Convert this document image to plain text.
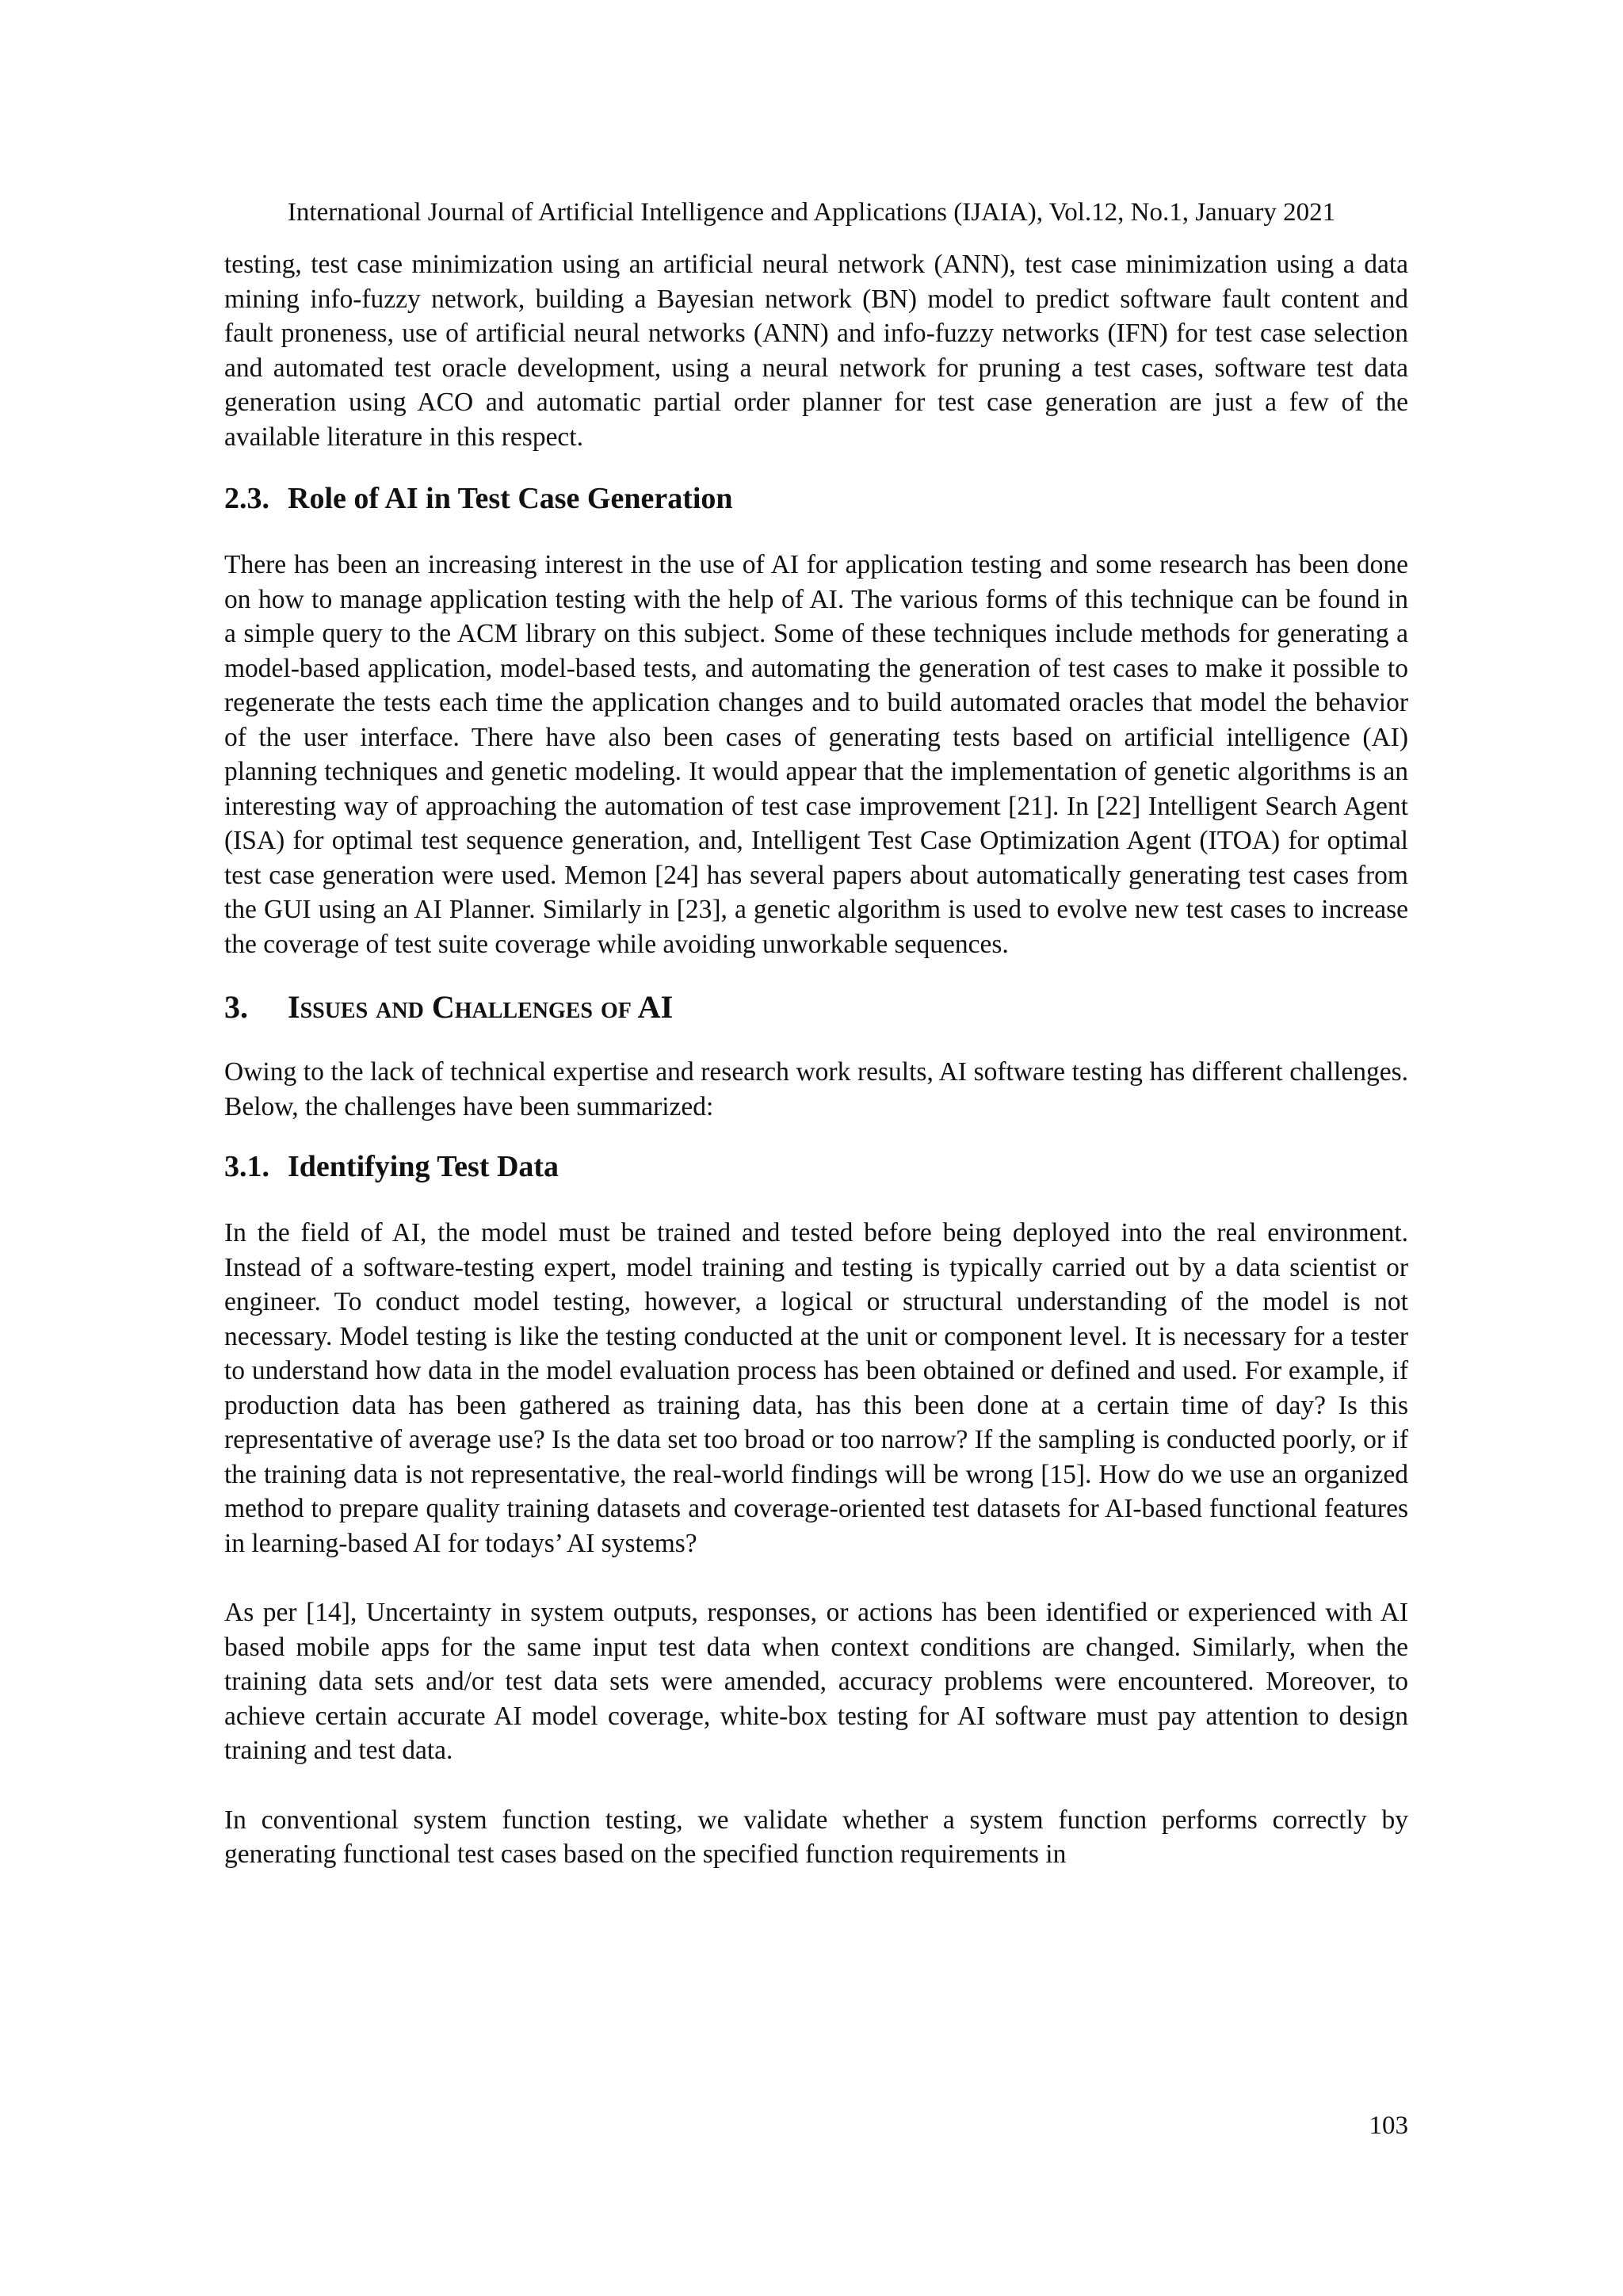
International Journal of Artificial Intelligence and Applications (IJAIA), Vol.12, No.1, January 2021

testing, test case minimization using an artificial neural network (ANN), test case minimization using a data mining info-fuzzy network, building a Bayesian network (BN) model to predict software fault content and fault proneness, use of artificial neural networks (ANN) and info-fuzzy networks (IFN) for test case selection and automated test oracle development, using a neural network for pruning a test cases, software test data generation using ACO and automatic partial order planner for test case generation are just a few of the available literature in this respect.

2.3. Role of AI in Test Case Generation

There has been an increasing interest in the use of AI for application testing and some research has been done on how to manage application testing with the help of AI. The various forms of this technique can be found in a simple query to the ACM library on this subject. Some of these techniques include methods for generating a model-based application, model-based tests, and automating the generation of test cases to make it possible to regenerate the tests each time the application changes and to build automated oracles that model the behavior of the user interface. There have also been cases of generating tests based on artificial intelligence (AI) planning techniques and genetic modeling. It would appear that the implementation of genetic algorithms is an interesting way of approaching the automation of test case improvement [21]. In [22] Intelligent Search Agent (ISA) for optimal test sequence generation, and, Intelligent Test Case Optimization Agent (ITOA) for optimal test case generation were used. Memon [24] has several papers about automatically generating test cases from the GUI using an AI Planner. Similarly in [23], a genetic algorithm is used to evolve new test cases to increase the coverage of test suite coverage while avoiding unworkable sequences.

3. Issues and Challenges of AI

Owing to the lack of technical expertise and research work results, AI software testing has different challenges. Below, the challenges have been summarized:

3.1. Identifying Test Data

In the field of AI, the model must be trained and tested before being deployed into the real environment. Instead of a software-testing expert, model training and testing is typically carried out by a data scientist or engineer. To conduct model testing, however, a logical or structural understanding of the model is not necessary. Model testing is like the testing conducted at the unit or component level. It is necessary for a tester to understand how data in the model evaluation process has been obtained or defined and used. For example, if production data has been gathered as training data, has this been done at a certain time of day? Is this representative of average use? Is the data set too broad or too narrow? If the sampling is conducted poorly, or if the training data is not representative, the real-world findings will be wrong [15]. How do we use an organized method to prepare quality training datasets and coverage-oriented test datasets for AI-based functional features in learning-based AI for todays’ AI systems?

As per [14], Uncertainty in system outputs, responses, or actions has been identified or experienced with AI based mobile apps for the same input test data when context conditions are changed. Similarly, when the training data sets and/or test data sets were amended, accuracy problems were encountered. Moreover, to achieve certain accurate AI model coverage, white-box testing for AI software must pay attention to design training and test data.

In conventional system function testing, we validate whether a system function performs correctly by generating functional test cases based on the specified function requirements in

103
